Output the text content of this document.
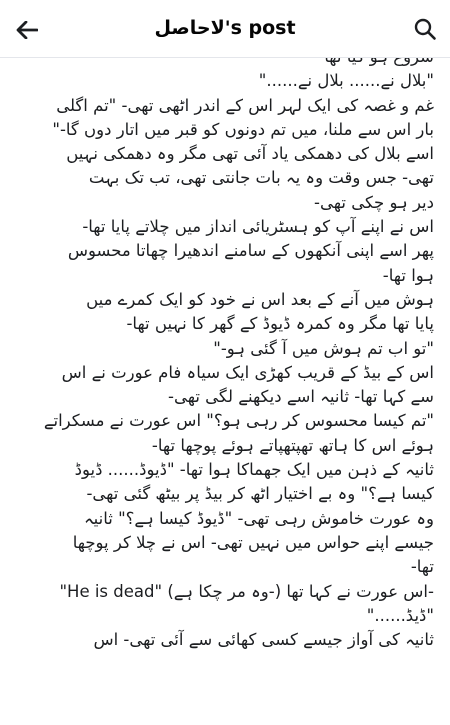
لاحاصل's post
"بلال نے...... بلال نے......"
غم و غصہ کی ایک لہر اس کے اندر اٹھی تھی- "تم اگلی
بار اس سے ملنا، میں تم دونوں کو قبر میں اتار دوں گا-"
اسے بلال کی دھمکی یاد آئی تھی مگر وہ دھمکی نہیں
تھی- جس وقت وہ یہ بات جانتی تھی، تب تک بہت
دیر ہو چکی تھی-
اس نے اپنے آپ کو ہسٹریائی انداز میں چلاتے پایا تھا-
پھر اسے اپنی آنکھوں کے سامنے اندھیرا چھاتا محسوس
ہوا تھا-
ہوش میں آنے کے بعد اس نے خود کو ایک کمرے میں
پایا تھا مگر وہ کمرہ ڈیوڈ کے گھر کا نہیں تھا-
"تو اب تم ہوش میں آ گئی ہو-"
اس کے بیڈ کے قریب کھڑی ایک سیاہ فام عورت نے اس
سے کہا تھا- ثانیہ اسے دیکھنے لگی تھی-
"تم کیسا محسوس کر رہی ہو؟" اس عورت نے مسکراتے
ہوئے اس کا ہاتھ تھپتھپاتے ہوئے پوچھا تھا-
ثانیہ کے ذہن میں ایک جھماکا ہوا تھا- "ڈیوڈ...... ڈیوڈ
کیسا ہے؟" وہ بے اختیار اٹھ کر بیڈ پر بیٹھ گئی تھی-
وہ عورت خاموش رہی تھی- "ڈیوڈ کیسا ہے؟" ثانیہ
جیسے اپنے حواس میں نہیں تھی- اس نے چلا کر پوچھا
تھا-
"He is dead" (وہ مر چکا ہے-) اس عورت نے کہا تھا-
"ڈیڈ......"
ثانیہ کی آواز جیسے کسی کھائی سے آئی تھی- اس
